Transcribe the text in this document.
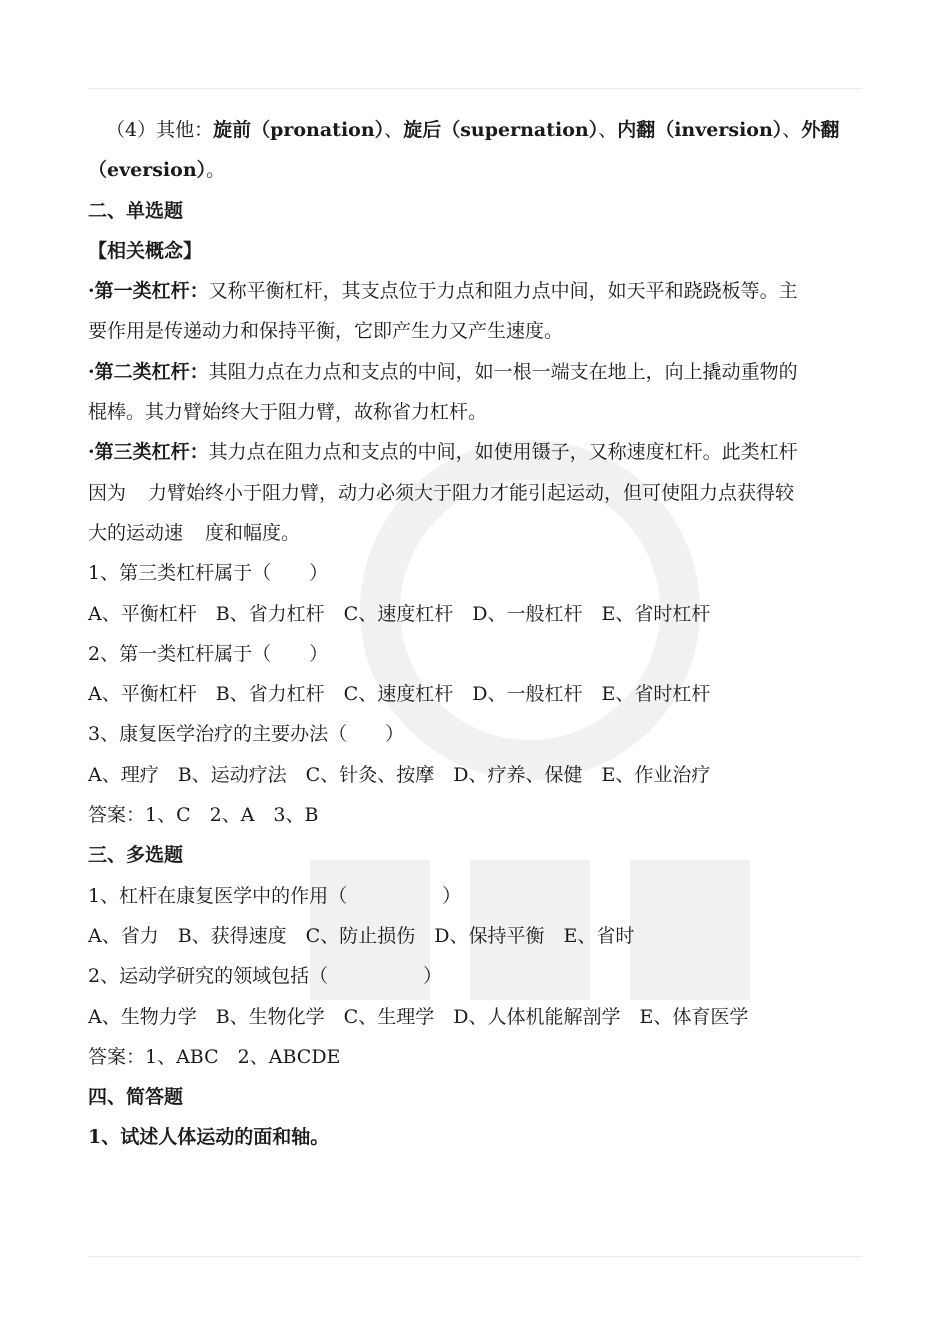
（4）其他：旋前（pronation）、旋后（supernation）、内翻（inversion）、外翻
（eversion）。
二、单选题
【相关概念】
·第一类杠杆：又称平衡杠杆，其支点位于力点和阻力点中间，如天平和跷跷板等。主
要作用是传递动力和保持平衡，它即产生力又产生速度。
·第二类杠杆：其阻力点在力点和支点的中间，如一根一端支在地上，向上撬动重物的
棍棒。其力臂始终大于阻力臂，故称省力杠杆。
·第三类杠杆：其力点在阻力点和支点的中间，如使用镊子，又称速度杠杆。此类杠杆
因为 力臂始终小于阻力臂，动力必须大于阻力才能引起运动，但可使阻力点获得较
大的运动速 度和幅度。
1、第三类杠杆属于（　　）
A、平衡杠杆　B、省力杠杆　C、速度杠杆　D、一般杠杆　E、省时杠杆
2、第一类杠杆属于（　　）
A、平衡杠杆　B、省力杠杆　C、速度杠杆　D、一般杠杆　E、省时杠杆
3、康复医学治疗的主要办法（　　）
A、理疗　B、运动疗法　C、针灸、按摩　D、疗养、保健　E、作业治疗
答案：1、C　2、A　3、B
三、多选题
1、杠杆在康复医学中的作用（　　　　　）
A、省力　B、获得速度　C、防止损伤　D、保持平衡　E、省时
2、运动学研究的领域包括（　　　　　）
A、生物力学　B、生物化学　C、生理学　D、人体机能解剖学　E、体育医学
答案：1、ABC　2、ABCDE
四、简答题
1、试述人体运动的面和轴。
